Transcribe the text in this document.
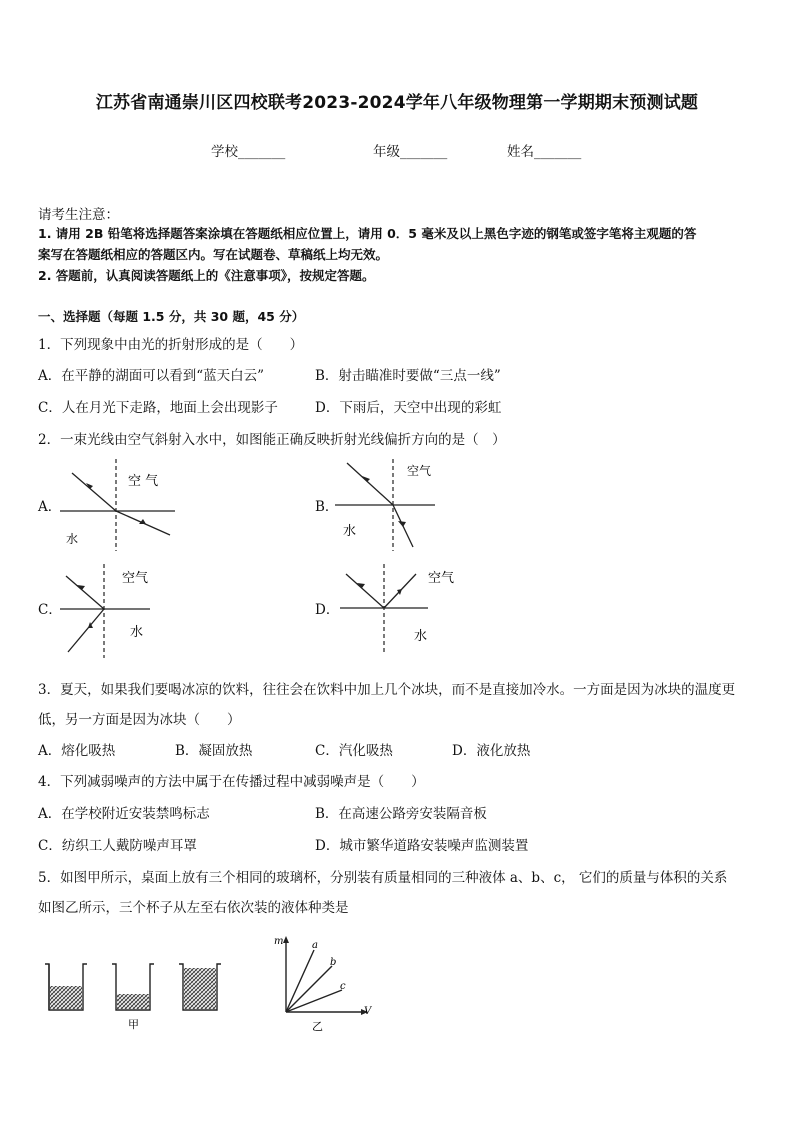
江苏省南通崇川区四校联考2023-2024学年八年级物理第一学期期末预测试题
学校_______	年级_______	姓名_______
请考生注意：
1. 请用 2B 铅笔将选择题答案涂填在答题纸相应位置上，请用 0．5 毫米及以上黑色字迹的钢笔或签字笔将主观题的答
案写在答题纸相应的答题区内。写在试题卷、草稿纸上均无效。
2. 答题前，认真阅读答题纸上的《注意事项》，按规定答题。
一、选择题（每题 1.5 分，共 30 题，45 分）
1．下列现象中由光的折射形成的是（　　）
A．在平静的湖面可以看到“蓝天白云”	B．射击瞄准时要做“三点一线”
C．人在月光下走路，地面上会出现影子	D．下雨后，天空中出现的彩虹
2．一束光线由空气斜射入水中，如图能正确反映折射光线偏折方向的是（　）
A．
空 气
水
B．
空气
水
C．
空气
水
D．
空气
水
3．夏天，如果我们要喝冰凉的饮料，往往会在饮料中加上几个冰块，而不是直接加冷水。一方面是因为冰块的温度更
低，另一方面是因为冰块（　　）
A．熔化吸热	B．凝固放热	C．汽化吸热	D．液化放热
4．下列减弱噪声的方法中属于在传播过程中减弱噪声是（　　）
A．在学校附近安装禁鸣标志	B．在高速公路旁安装隔音板
C．纺织工人戴防噪声耳罩	D．城市繁华道路安装噪声监测装置
5．如图甲所示，桌面上放有三个相同的玻璃杯，分别装有质量相同的三种液体 a、b、c， 它们的质量与体积的关系
如图乙所示，三个杯子从左至右依次装的液体种类是
甲
m	a
b
c
V
乙
